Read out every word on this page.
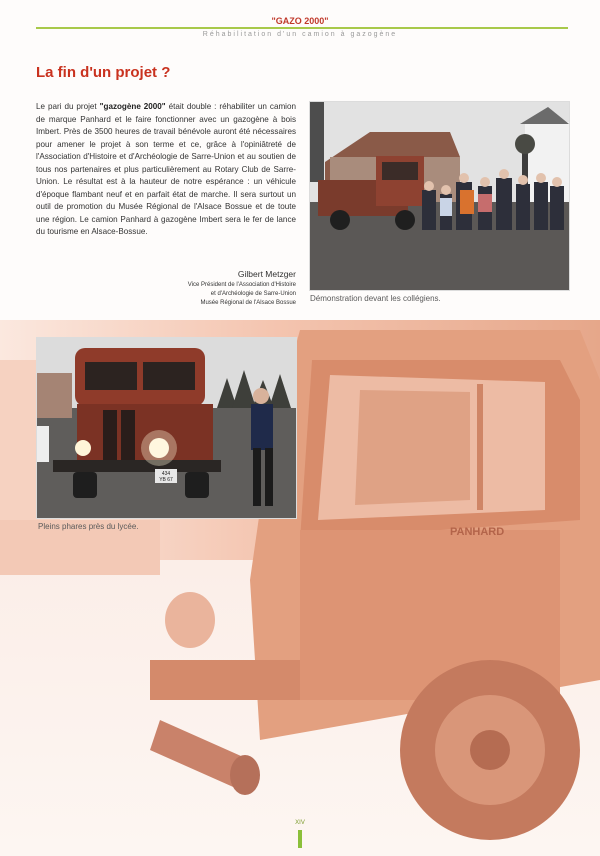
PANHARD
"GAZO 2000"
Réhabilitation d'un camion à gazogène
La fin d'un projet ?

Le pari du projet "gazogène 2000" était double : réhabiliter un camion de marque Panhard et le faire fonctionner avec un gazogène à bois Imbert. Près de 3500 heures de travail bénévole auront été nécessaires pour amener le projet à son terme et ce, grâce à l'opiniâtreté de l'Association d'Histoire et d'Archéologie de Sarre-Union et au soutien de tous nos partenaires et plus particulièrement au Rotary Club de Sarre-Union. Le résultat est à la hauteur de notre espérance : un véhicule d'époque flambant neuf et en parfait état de marche. Il sera surtout un outil de promotion du Musée Régional de l'Alsace Bossue et de toute une région. Le camion Panhard à gazogène Imbert sera le fer de lance du tourisme en Alsace-Bossue.

Gilbert Metzger
Vice Président de l'Association d'Histoire
et d'Archéologie de Sarre-Union
Musée Régional de l'Alsace Bossue Démonstration devant les collégiens.
434
YB 67
Pleins phares près du lycée.
XIV
